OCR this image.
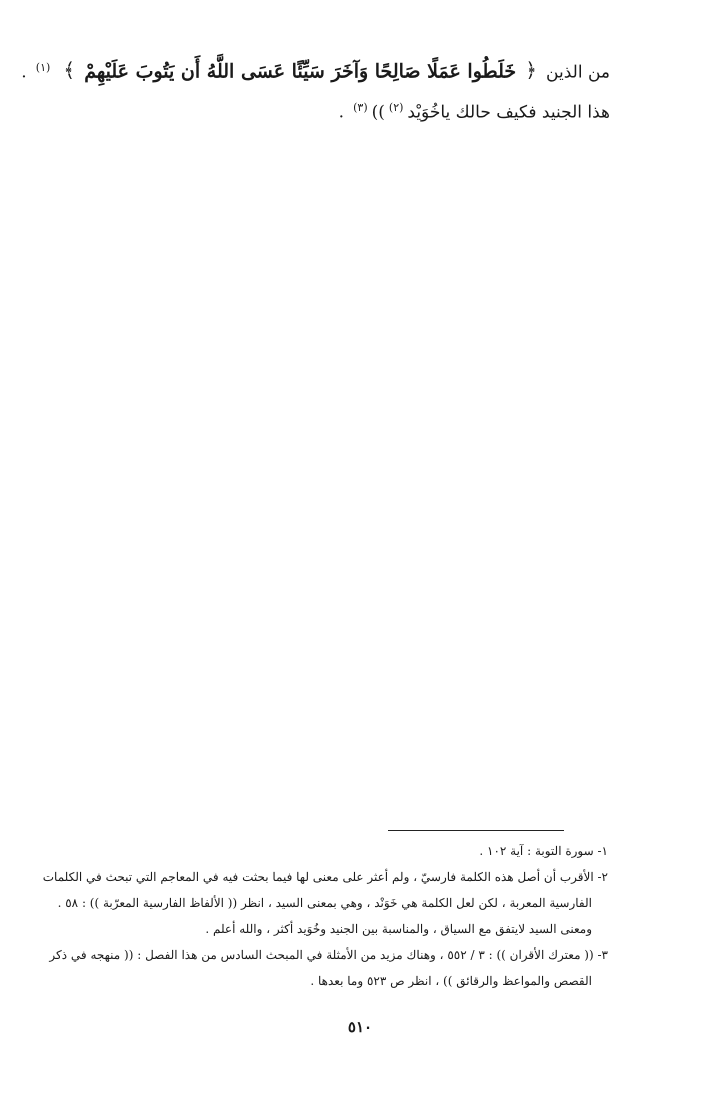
من الذين ﴿ خَلَطُوا عَمَلًا صَالِحًا وَآخَرَ سَيِّئًا عَسَى اللَّهُ أَن يَتُوبَ عَلَيْهِمْ ﴾ $^{(١)}$ .
هذا الجنيد فكيف حالك ياخُوَيْد$^{(٢)}$))$^{(٣)}$ .
١- سورة التوبة : آية ١٠٢ .
٢- الأقرب أن أصل هذه الكلمة فارسيّ ، ولم أعثر على معنى لها فيما بحثت فيه في المعاجم التي تبحث في الكلمات
الفارسية المعربة ، لكن لعل الكلمة هي خَوَنْد ، وهي بمعنى السيد ، انظر (( الألفاظ الفارسية المعرّبة )) : ٥٨ .
ومعنى السيد لايتفق مع السياق ، والمناسبة بين الجنيد وخُوَيد أكثر ، والله أعلم .
٣- (( معترك الأقران )) : ٣ / ٥٥٢ ، وهناك مزيد من الأمثلة في المبحث السادس من هذا الفصل : (( منهجه في ذكر
القصص والمواعظ والرقائق )) ، انظر ص ٥٢٣ وما بعدها .
٥١٠
